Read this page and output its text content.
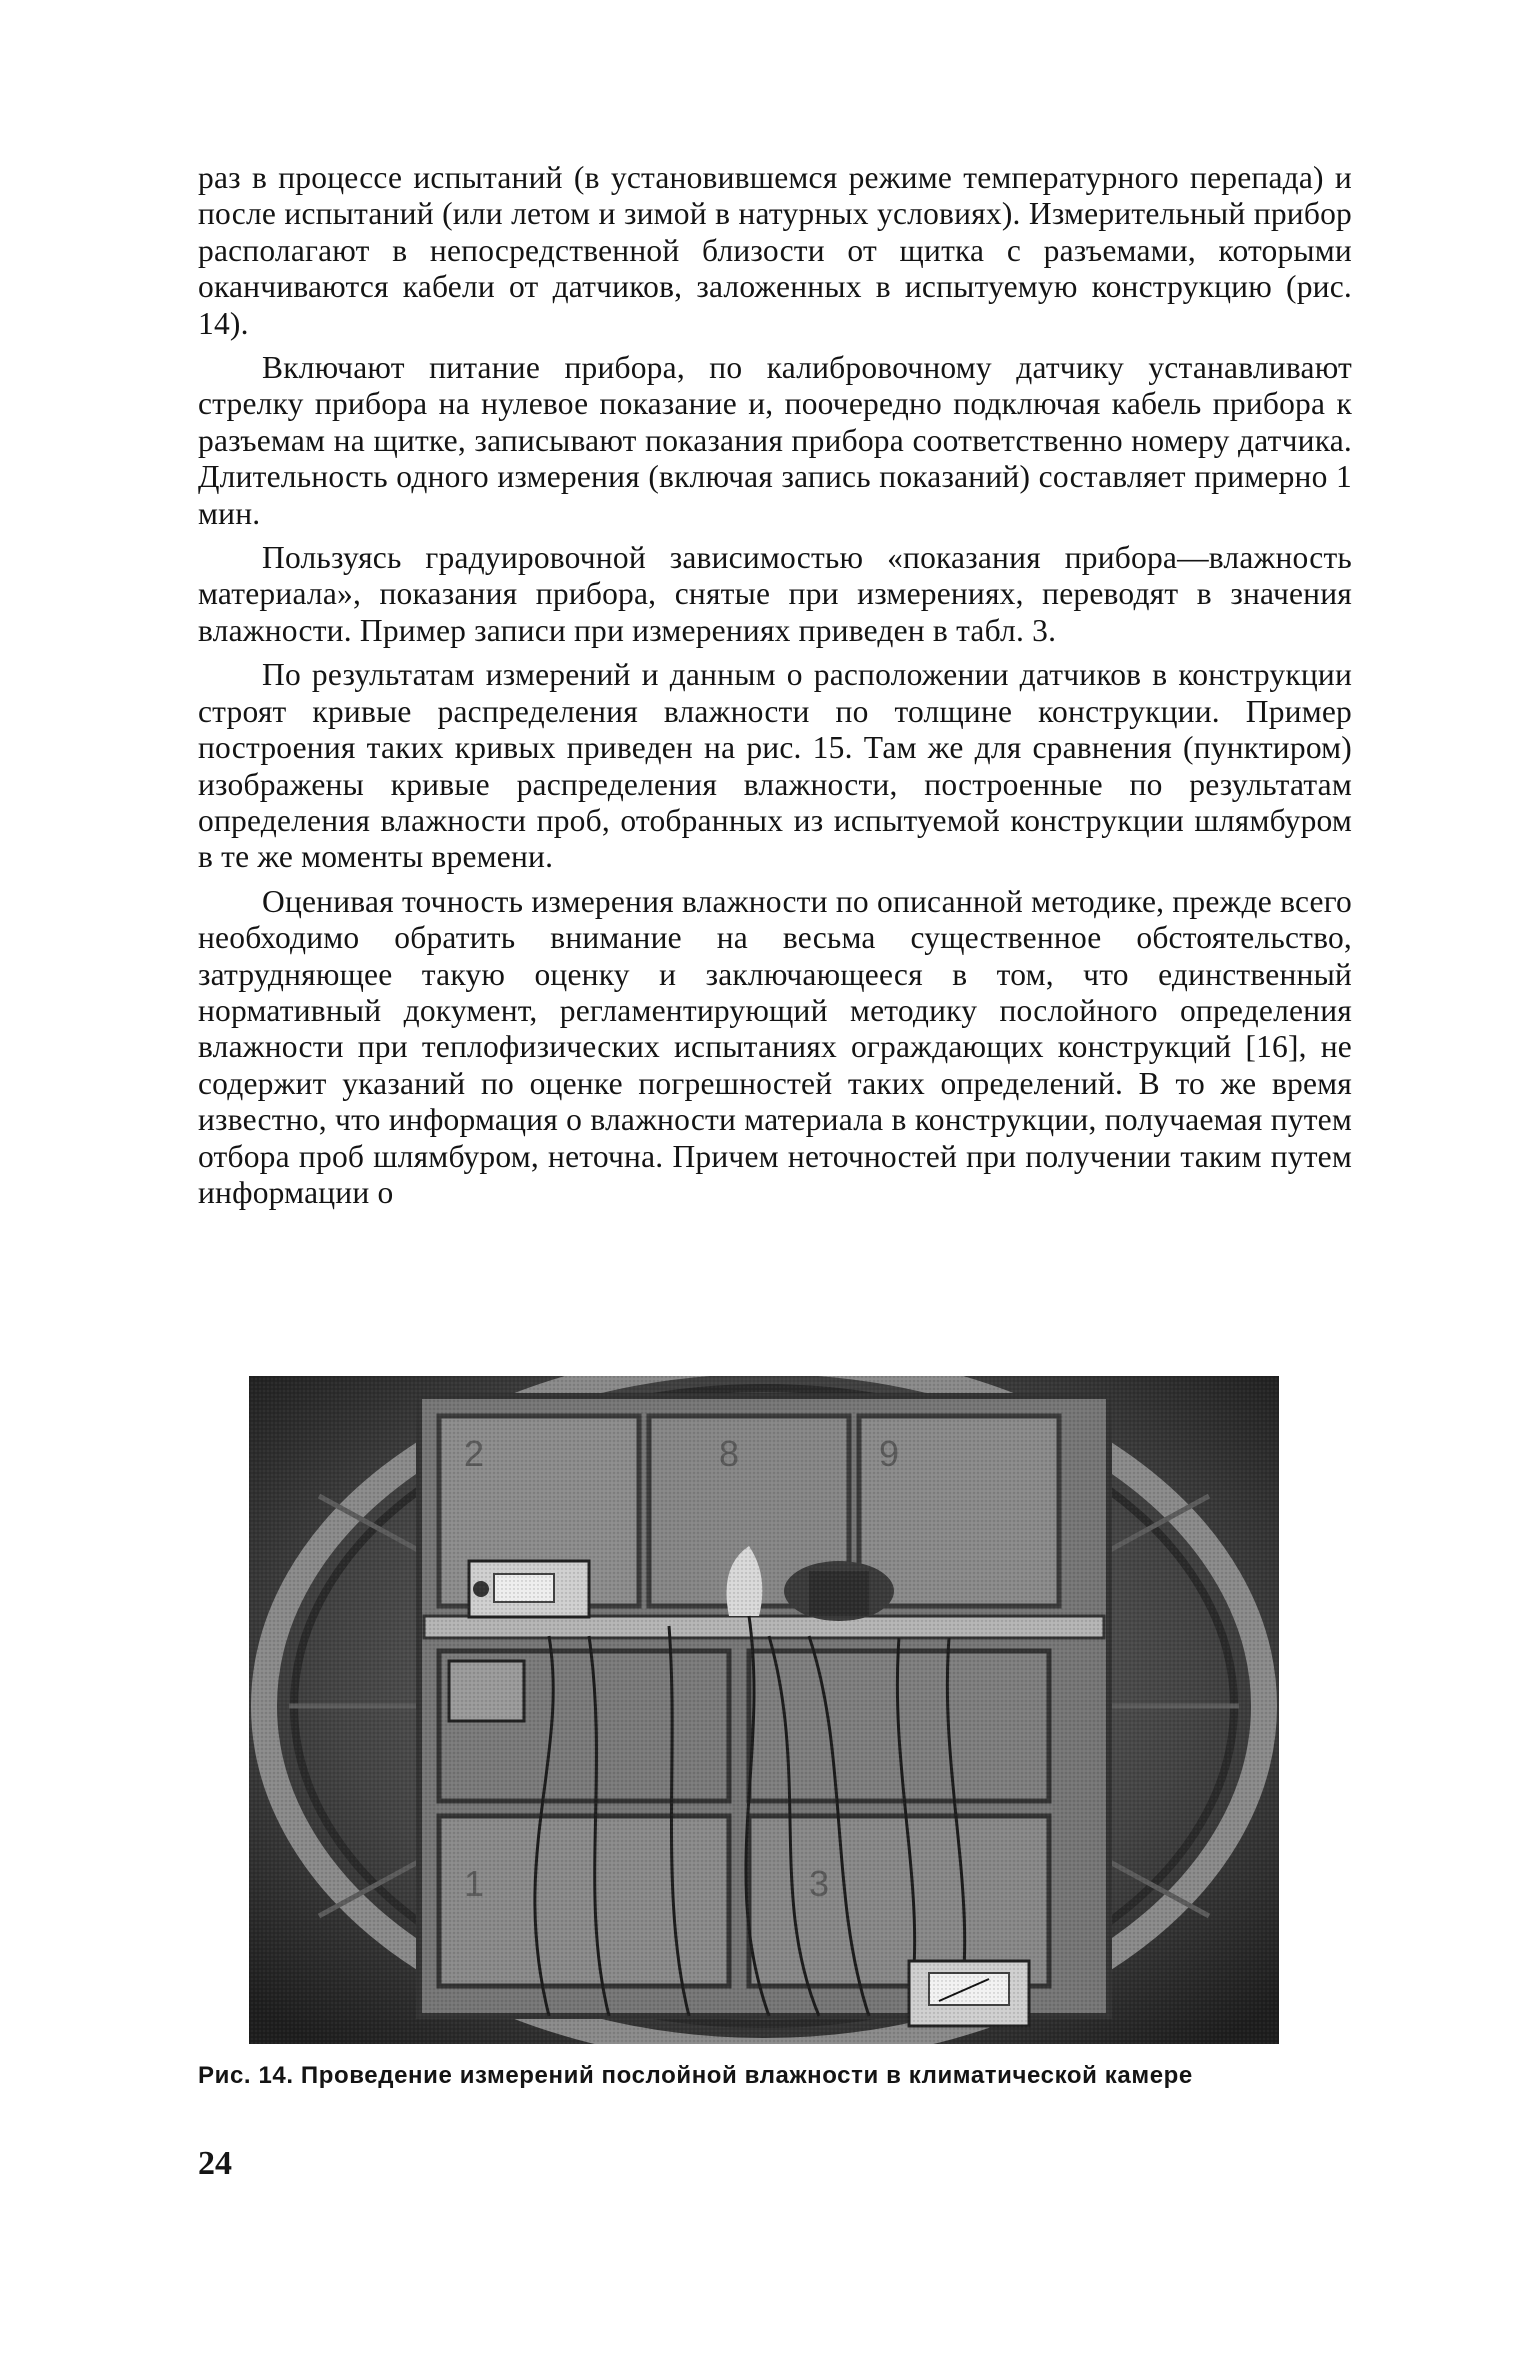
раз в процессе испытаний (в установившемся режиме температурного перепада) и после испытаний (или летом и зимой в натурных условиях). Измерительный прибор располагают в непосредственной близости от щитка с разъемами, которыми оканчиваются кабели от датчиков, заложенных в испытуемую конструкцию (рис. 14).

Включают питание прибора, по калибровочному датчику устанавливают стрелку прибора на нулевое показание и, поочередно подключая кабель прибора к разъемам на щитке, записывают показания прибора соответственно номеру датчика. Длительность одного измерения (включая запись показаний) составляет примерно 1 мин.

Пользуясь градуировочной зависимостью «показания прибора—влажность материала», показания прибора, снятые при измерениях, переводят в значения влажности. Пример записи при измерениях приведен в табл. 3.

По результатам измерений и данным о расположении датчиков в конструкции строят кривые распределения влажности по толщине конструкции. Пример построения таких кривых приведен на рис. 15. Там же для сравнения (пунктиром) изображены кривые распределения влажности, построенные по результатам определения влажности проб, отобранных из испытуемой конструкции шлямбуром в те же моменты времени.

Оценивая точность измерения влажности по описанной методике, прежде всего необходимо обратить внимание на весьма существенное обстоятельство, затрудняющее такую оценку и заключающееся в том, что единственный нормативный документ, регламентирующий методику послойного определения влажности при теплофизических испытаниях ограждающих конструкций [16], не содержит указаний по оценке погрешностей таких определений. В то же время известно, что информация о влажности материала в конструкции, получаемая путем отбора проб шлямбуром, неточна. Причем неточностей при получении таким путем информации о

Рис. 14. Проведение измерений послойной влажности в климатической камере
24
